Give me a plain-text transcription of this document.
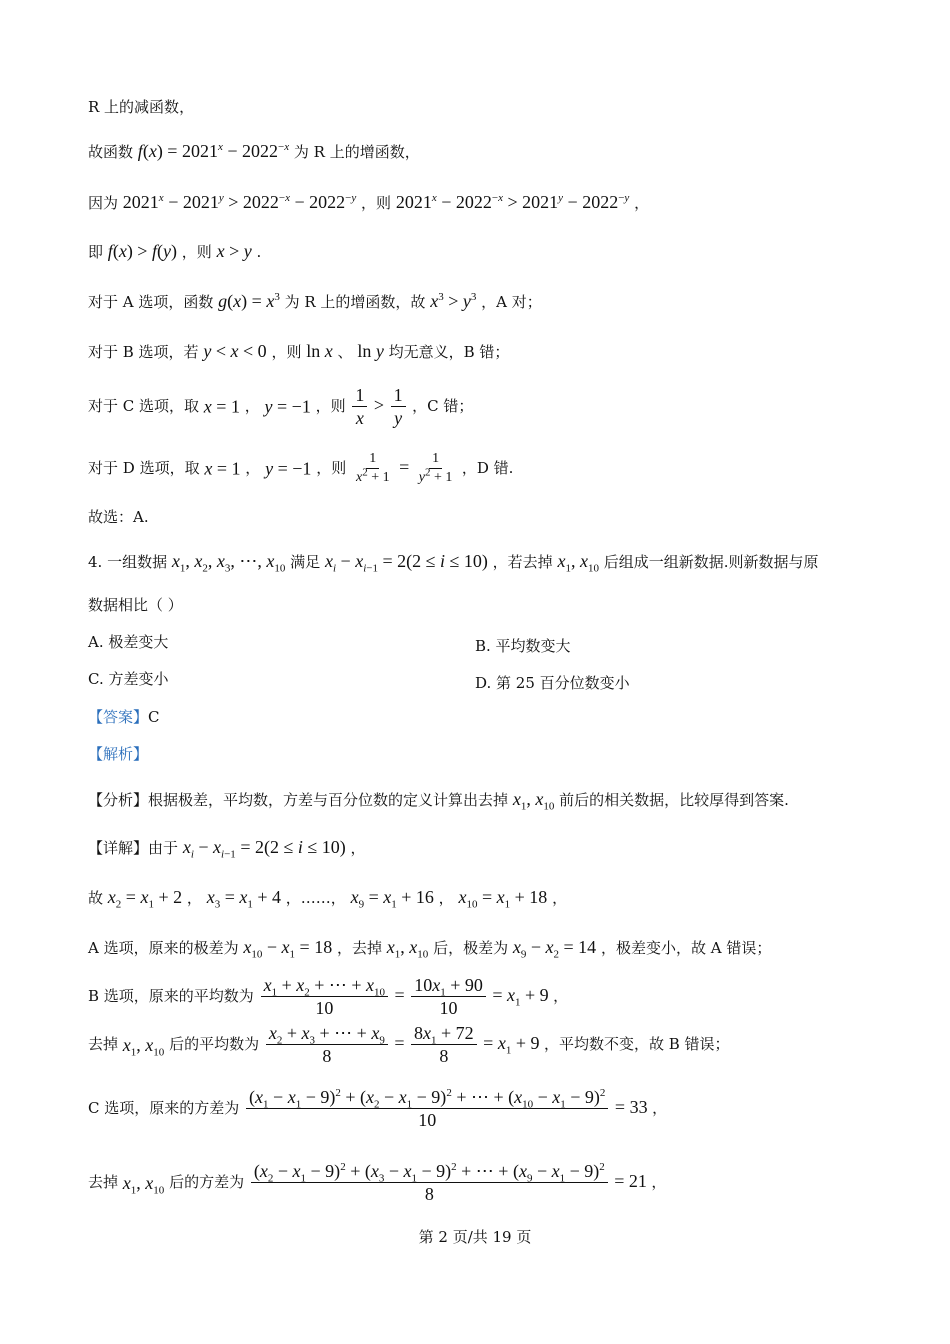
R 上的减函数，
故函数 $f(x) = 2021^x - 2022^{-x}$ 为 R 上的增函数，
因为 $2021^x - 2021^y > 2022^{-x} - 2022^{-y}$ ，则 $2021^x - 2022^{-x} > 2021^y - 2022^{-y}$ ，
即 f(x) > f(y) ，则 x > y .
对于 A 选项，函数 $g(x) = x^3$ 为 R 上的增函数，故 $x^3 > y^3$ ，A 对；
对于 B 选项，若 y < x < 0 ，则 ln x 、 ln y 均无意义，B 错；
对于 C 选项，取 x = 1 ， y = −1 ，则 $\frac{1}{x} > \frac{1}{y}$ ，C 错；
对于 D 选项，取 x = 1 ， y = −1 ，则 $\frac{1}{x^2 + 1} = \frac{1}{y^2 + 1}$ ，D 错.
故选：A.
4. 一组数据 $x_1$, $x_2$, $x_3$, ⋯, $x_{10}$ 满足 $x_i - x_{i-1} = 2(2 \le i \le 10)$ ，若去掉 $x_1$, $x_{10}$ 后组成一组新数据.则新数据与原
数据相比（ ）
A. 极差变大	B. 平均数变大
C. 方差变小	D. 第 25 百分位数变小
【答案】C
【解析】
【分析】根据极差，平均数，方差与百分位数的定义计算出去掉 $x_1$, $x_{10}$ 前后的相关数据，比较厚得到答案.
【详解】由于 $x_i - x_{i-1} = 2(2 \le i \le 10)$ ，
故 $x_2 = x_1 + 2$ ， $x_3 = x_1 + 4$ ，……， $x_9 = x_1 + 16$ ， $x_{10} = x_1 + 18$ ，
A 选项，原来的极差为 $x_{10} - x_1 = 18$ ，去掉 $x_1$, $x_{10}$ 后，极差为 $x_9 - x_2 = 14$ ，极差变小，故 A 错误；
B 选项，原来的平均数为 $\frac{x_1 + x_2 + \cdots + x_{10}}{10} = \frac{10x_1 + 90}{10} = x_1 + 9$ ，
去掉 $x_1$, $x_{10}$ 后的平均数为 $\frac{x_2 + x_3 + \cdots + x_9}{8} = \frac{8x_1 + 72}{8} = x_1 + 9$ ，平均数不变，故 B 错误；
C 选项，原来的方差为 $\frac{(x_1 - x_1 - 9)^2 + (x_2 - x_1 - 9)^2 + \cdots + (x_{10} - x_1 - 9)^2}{10} = 33$ ，
去掉 $x_1$, $x_{10}$ 后的方差为 $\frac{(x_2 - x_1 - 9)^2 + (x_3 - x_1 - 9)^2 + \cdots + (x_9 - x_1 - 9)^2}{8} = 21$ ，
第 2 页/共 19 页
